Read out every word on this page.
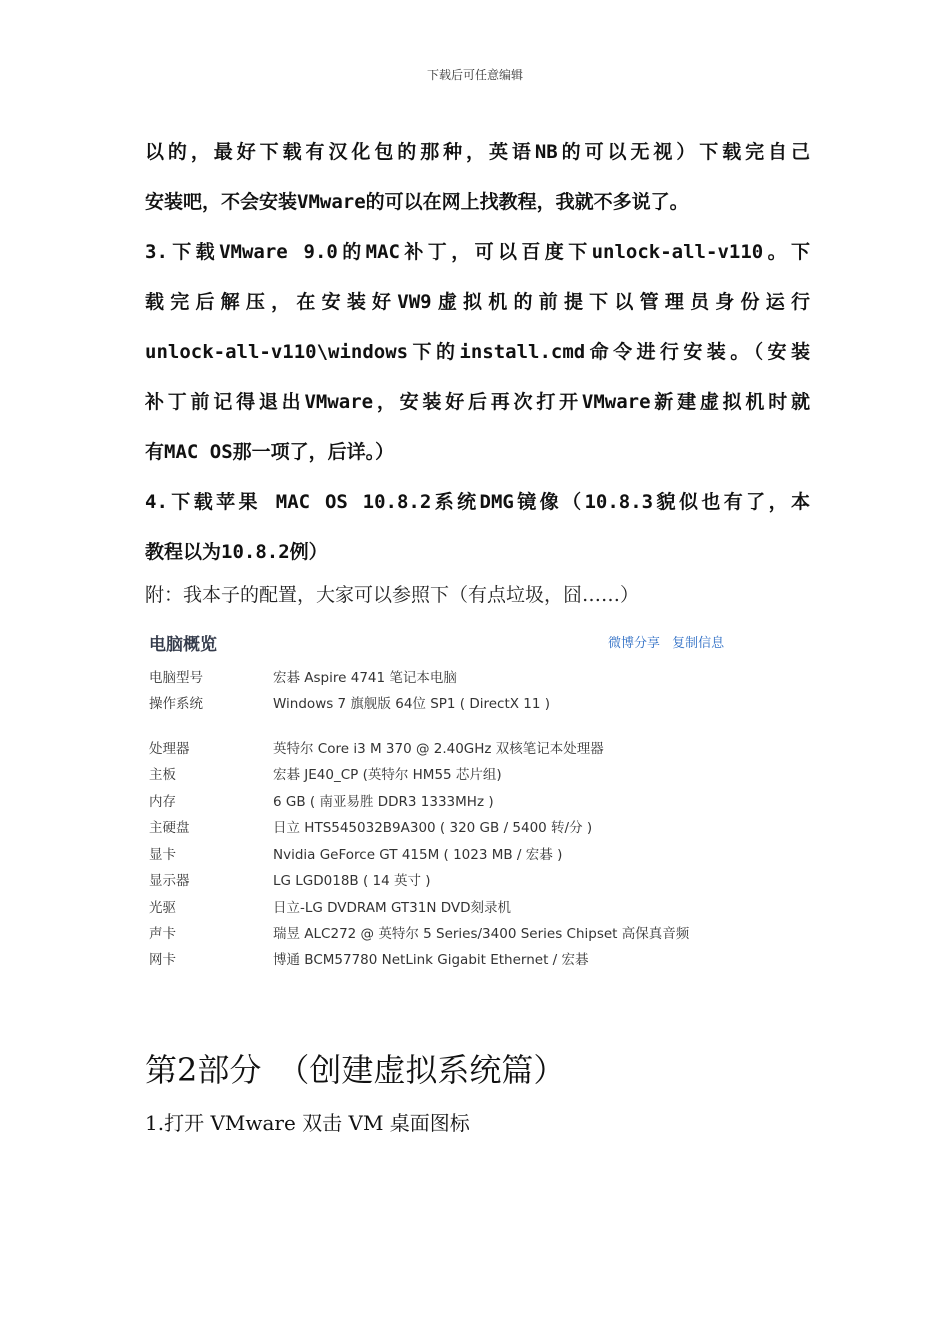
下载后可任意编辑
以的，最好下载有汉化包的那种，英语NB的可以无视）下载完自己
安装吧，不会安装VMware的可以在网上找教程，我就不多说了。
3.下载VMware 9.0的MAC补丁，可以百度下unlock-all-v110。下
载完后解压，在安装好VW9虚拟机的前提下以管理员身份运行
unlock-all-v110\windows下的install.cmd命令进行安装。（安装
补丁前记得退出VMware，安装好后再次打开VMware新建虚拟机时就
有MAC OS那一项了，后详。）
4.下载苹果 MAC OS 10.8.2系统DMG镜像（10.8.3貌似也有了，本
教程以为10.8.2例）
附：我本子的配置，大家可以参照下（有点垃圾，囧……）
电脑概览	微博分享 复制信息
电脑型号	宏碁 Aspire 4741 笔记本电脑
操作系统	Windows 7 旗舰版 64位 SP1 ( DirectX 11 )
处理器	英特尔 Core i3 M 370 @ 2.40GHz 双核笔记本处理器
主板	宏碁 JE40_CP (英特尔 HM55 芯片组)
内存	6 GB ( 南亚易胜 DDR3 1333MHz )
主硬盘	日立 HTS545032B9A300 ( 320 GB / 5400 转/分 )
显卡	Nvidia GeForce GT 415M ( 1023 MB / 宏碁 )
显示器	LG LGD018B ( 14 英寸 )
光驱	日立-LG DVDRAM GT31N DVD刻录机
声卡	瑞昱 ALC272 @ 英特尔 5 Series/3400 Series Chipset 高保真音频
网卡	博通 BCM57780 NetLink Gigabit Ethernet / 宏碁
第2部分　（创建虚拟系统篇）
1.打开 VMware 双击 VM 桌面图标
